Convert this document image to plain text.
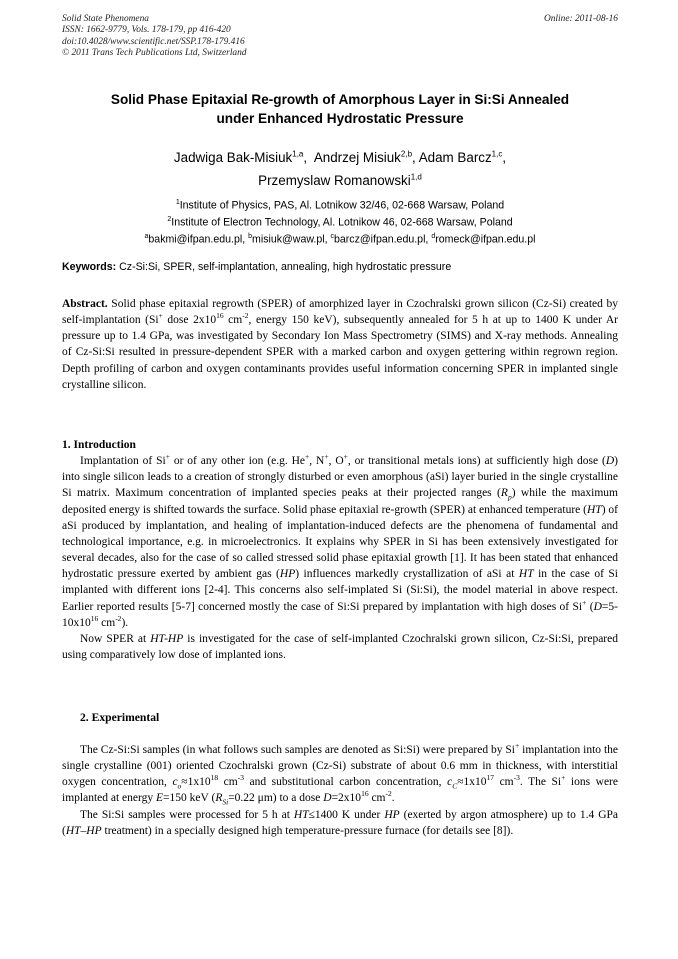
Solid State Phenomena
ISSN: 1662-9779, Vols. 178-179, pp 416-420
doi:10.4028/www.scientific.net/SSP.178-179.416
© 2011 Trans Tech Publications Ltd, Switzerland
Online: 2011-08-16
Solid Phase Epitaxial Re-growth of Amorphous Layer in Si:Si Annealed
under Enhanced Hydrostatic Pressure
Jadwiga Bak-Misiuk$^{1,a}$, Andrzej Misiuk$^{2,b}$, Adam Barcz$^{1,c}$,
Przemyslaw Romanowski$^{1,d}$
$^1$Institute of Physics, PAS, Al. Lotnikow 32/46, 02-668 Warsaw, Poland
$^2$Institute of Electron Technology, Al. Lotnikow 46, 02-668 Warsaw, Poland
$^a$bakmi@ifpan.edu.pl, $^b$misiuk@waw.pl, $^c$barcz@ifpan.edu.pl, $^d$romeck@ifpan.edu.pl
Keywords: Cz-Si:Si, SPER, self-implantation, annealing, high hydrostatic pressure

Abstract. Solid phase epitaxial regrowth (SPER) of amorphized layer in Czochralski grown silicon (Cz-Si) created by self-implantation (Si+ dose $2x10^{16}$ $cm^{-2}$, energy 150 keV), subsequently annealed for 5 h at up to 1400 K under Ar pressure up to 1.4 GPa, was investigated by Secondary Ion Mass Spectrometry (SIMS) and X-ray methods. Annealing of Cz-Si:Si resulted in pressure-dependent SPER with a marked carbon and oxygen gettering within regrown region. Depth profiling of carbon and oxygen contaminants provides useful information concerning SPER in implanted single crystalline silicon.

1. Introduction

Implantation of Si+ or of any other ion (e.g. He+, N+, O+, or transitional metals ions) at sufficiently high dose (D) into single silicon leads to a creation of strongly disturbed or even amorphous (aSi) layer buried in the single crystalline Si matrix. Maximum concentration of implanted species peaks at their projected ranges $(R_p)$ while the maximum deposited energy is shifted towards the surface. Solid phase epitaxial re-growth (SPER) at enhanced temperature (HT) of aSi produced by implantation, and healing of implantation-induced defects are the phenomena of fundamental and technological importance, e.g. in microelectronics. It explains why SPER in Si has been extensively investigated for several decades, also for the case of so called stressed solid phase epitaxial growth [1]. It has been stated that enhanced hydrostatic pressure exerted by ambient gas (HP) influences markedly crystallization of aSi at HT in the case of Si implanted with different ions [2-4]. This concerns also self-implated Si (Si:Si), the model material in above respect. Earlier reported results [5-7] concerned mostly the case of Si:Si prepared by implantation with high doses of Si+ ($D=5-10x10^{16}$ $cm^{-2}$).

Now SPER at HT-HP is investigated for the case of self-implanted Czochralski grown silicon, Cz-Si:Si, prepared using comparatively low dose of implanted ions.

2. Experimental

The Cz-Si:Si samples (in what follows such samples are denoted as Si:Si) were prepared by Si+ implantation into the single crystalline (001) oriented Czochralski grown (Cz-Si) substrate of about 0.6 mm in thickness, with interstitial oxygen concentration, $c_o\approx 1x10^{18}$ $cm^{-3}$ and substitutional carbon concentration, $c_C\approx 1x10^{17}$ $cm^{-3}$. The Si+ ions were implanted at energy E=150 keV ($R_{Si}=0.22$ μm) to a dose $D=2x10^{16}$ $cm^{-2}$.

The Si:Si samples were processed for 5 h at HT≤1400 K under HP (exerted by argon atmosphere) up to 1.4 GPa (HT–HP treatment) in a specially designed high temperature-pressure furnace (for details see [8]).
